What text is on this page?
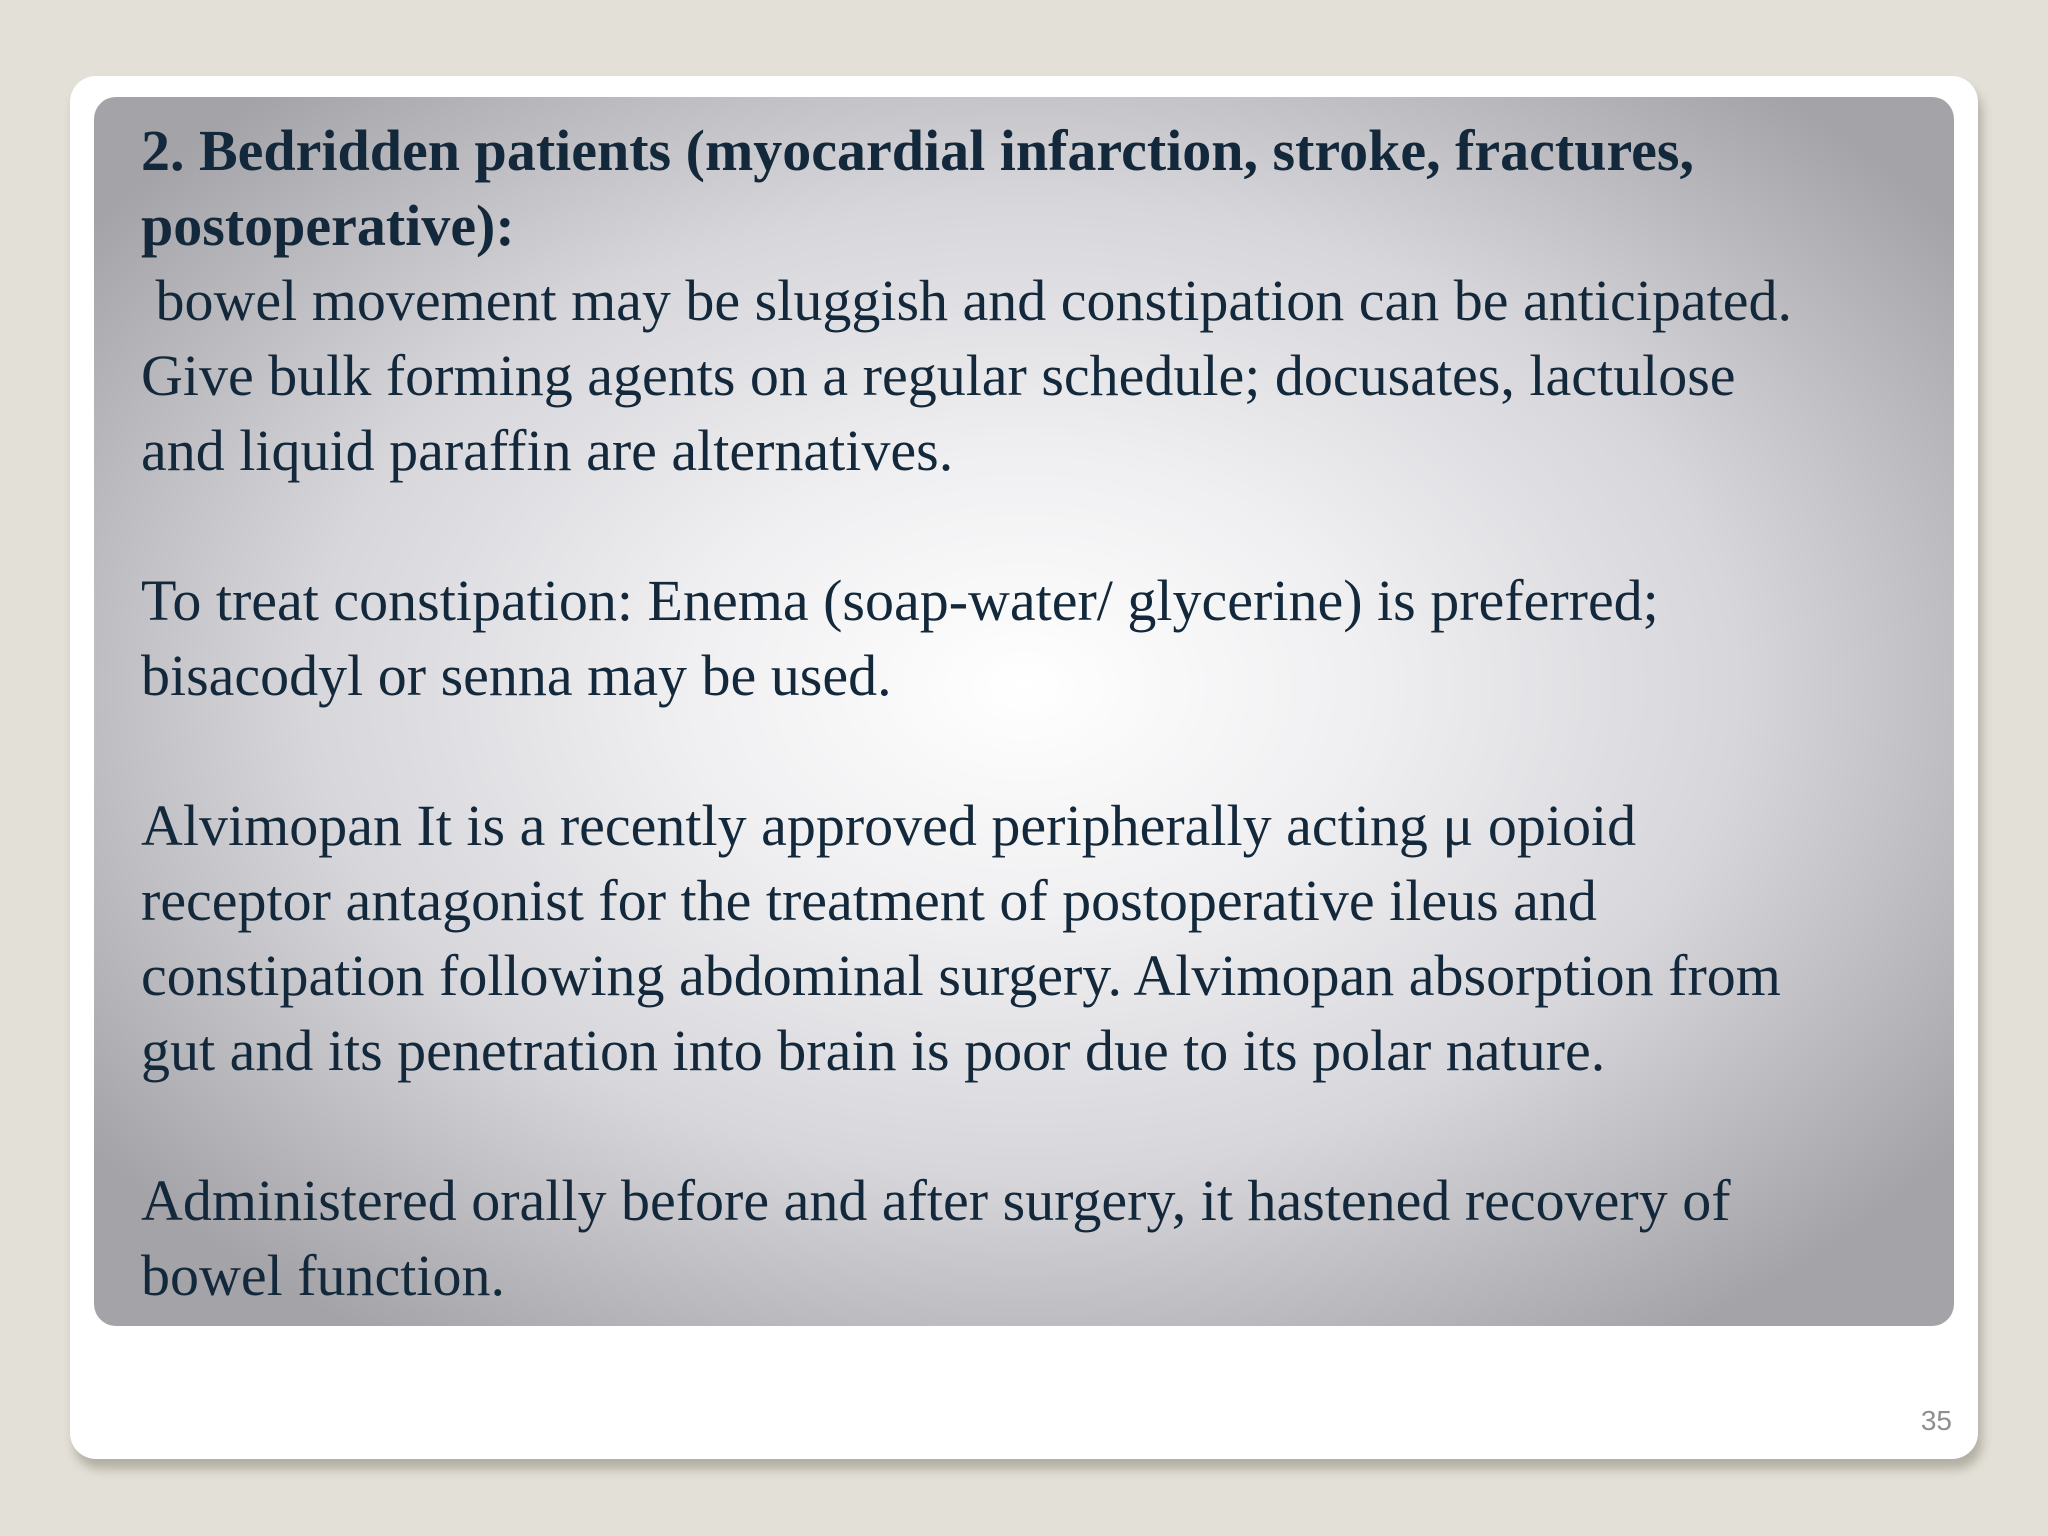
2. Bedridden patients (myocardial infarction, stroke, fractures,

postoperative):

bowel movement may be sluggish and constipation can be anticipated.

Give bulk forming agents on a regular schedule; docusates, lactulose

and liquid paraffin are alternatives.

To treat constipation: Enema (soap-water/ glycerine) is preferred;

bisacodyl or senna may be used.

Alvimopan It is a recently approved peripherally acting μ opioid

receptor antagonist for the treatment of postoperative ileus and

constipation following abdominal surgery. Alvimopan absorption from

gut and its penetration into brain is poor due to its polar nature.

Administered orally before and after surgery, it hastened recovery of

bowel function.

35
